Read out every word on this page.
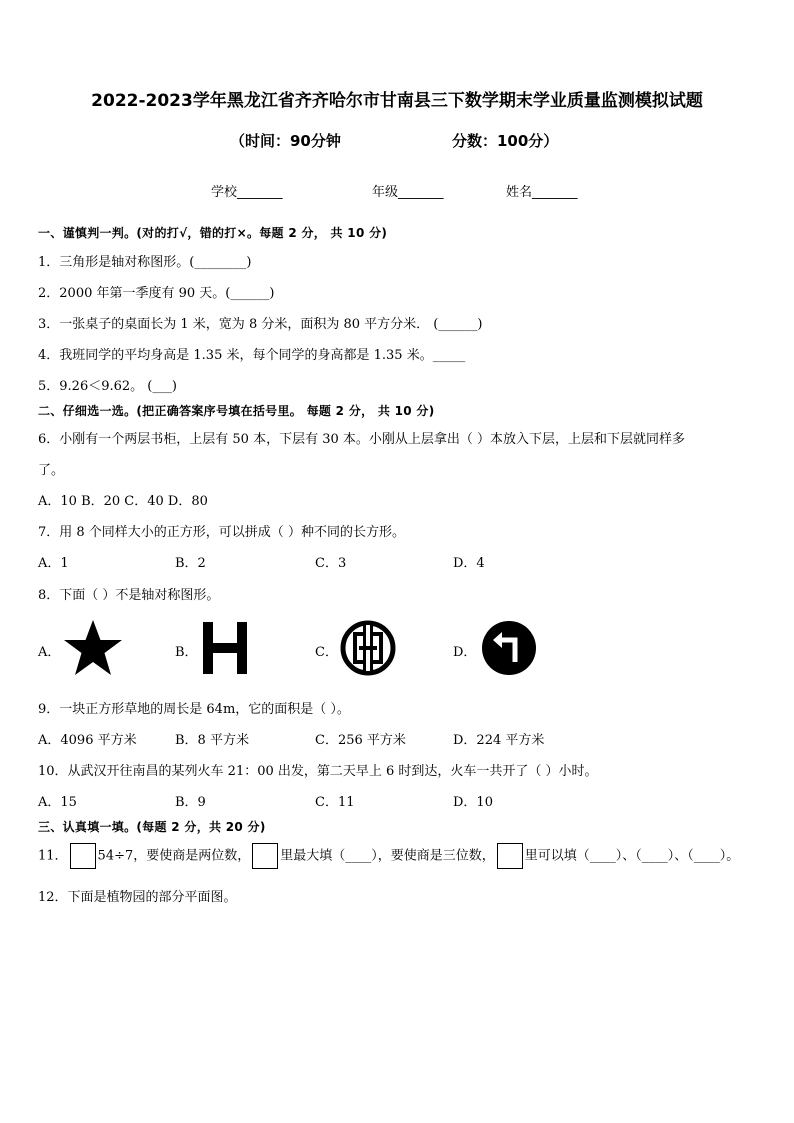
2022-2023学年黑龙江省齐齐哈尔市甘南县三下数学期末学业质量监测模拟试题
（时间：90分钟	分数：100分）
学校_______	年级_______	姓名_______
一、谨慎判一判。(对的打√，错的打×。每题 2 分， 共 10 分)
1．三角形是轴对称图形。(________)
2．2000 年第一季度有 90 天。(______)
3．一张桌子的桌面长为 1 米，宽为 8 分米，面积为 80 平方分米． (______)
4．我班同学的平均身高是 1.35 米，每个同学的身高都是 1.35 米。_____
5．9.26＜9.62。 (___)
二、仔细选一选。(把正确答案序号填在括号里。 每题 2 分， 共 10 分)
6．小刚有一个两层书柜，上层有 50 本，下层有 30 本。小刚从上层拿出（ ）本放入下层，上层和下层就同样多
了。
A．10 B．20 C．40 D．80
7．用 8 个同样大小的正方形，可以拼成（ ）种不同的长方形。
A．1	B．2	C．3	D．4
8．下面（ ）不是轴对称图形。
A．	B．	C．	D．
9．一块正方形草地的周长是 64m，它的面积是（ ）。
A．4096 平方米	B．8 平方米	C．256 平方米	D．224 平方米
10．从武汉开往南昌的某列火车 21：00 出发，第二天早上 6 时到达，火车一共开了（ ）小时。
A．15	B．9	C．11	D．10
三、认真填一填。(每题 2 分，共 20 分)
11． 54÷7，要使商是两位数， 里最大填（____），要使商是三位数， 里可以填（____）、（____）、（____）。
12．下面是植物园的部分平面图。
